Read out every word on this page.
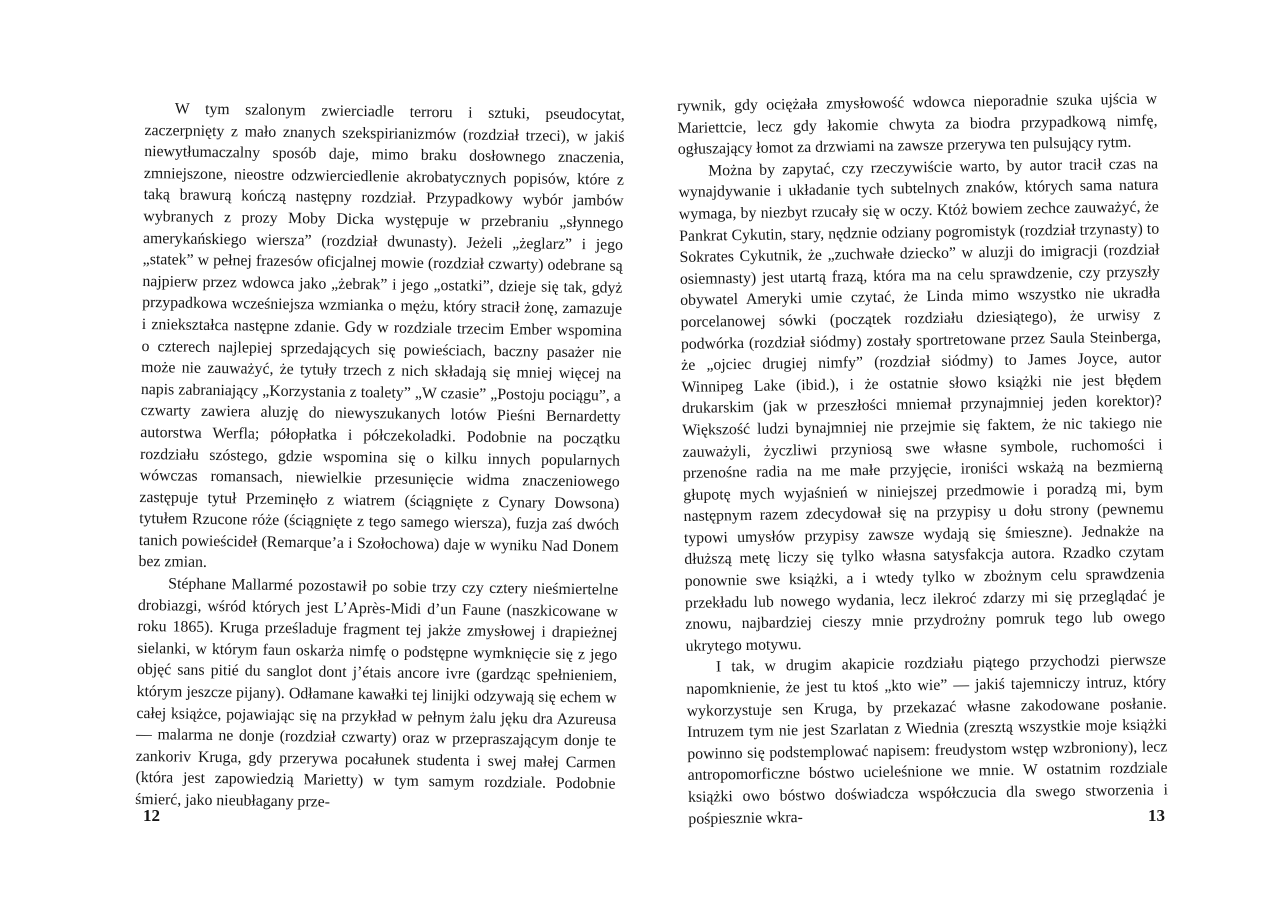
W tym szalonym zwierciadle terroru i sztuki, pseudocytat, zaczerpnięty z mało znanych szekspirianizmów (rozdział trzeci), w jakiś niewytłumaczalny sposób daje, mimo braku dosłownego znaczenia, zmniejszone, nieostre odzwierciedlenie akrobatycznych popisów, które z taką brawurą kończą następny rozdział. Przypadkowy wybór jambów wybranych z prozy Moby Dicka występuje w przebraniu „słynnego amerykańskiego wiersza” (rozdział dwunasty). Jeżeli „żeglarz” i jego „statek” w pełnej frazesów oficjalnej mowie (rozdział czwarty) odebrane są najpierw przez wdowca jako „żebrak” i jego „ostatki”, dzieje się tak, gdyż przypadkowa wcześniejsza wzmianka o mężu, który stracił żonę, zamazuje i zniekształca następne zdanie. Gdy w rozdziale trzecim Ember wspomina o czterech najlepiej sprzedających się powieściach, baczny pasażer nie może nie zauważyć, że tytuły trzech z nich składają się mniej więcej na napis zabraniający „Korzystania z toalety” „W czasie” „Postoju pociągu”, a czwarty zawiera aluzję do niewyszukanych lotów Pieśni Bernardetty autorstwa Werfla; półopłatka i półczekoladki. Podobnie na początku rozdziału szóstego, gdzie wspomina się o kilku innych popularnych wówczas romansach, niewielkie przesunięcie widma znaczeniowego zastępuje tytuł Przeminęło z wiatrem (ściągnięte z Cynary Dowsona) tytułem Rzucone róże (ściągnięte z tego samego wiersza), fuzja zaś dwóch tanich powieścideł (Remarque’a i Szołochowa) daje w wyniku Nad Donem bez zmian.

Stéphane Mallarmé pozostawił po sobie trzy czy cztery nieśmiertelne drobiazgi, wśród których jest L’Après-Midi d’un Faune (naszkicowane w roku 1865). Kruga prześladuje fragment tej jakże zmysłowej i drapieżnej sielanki, w którym faun oskarża nimfę o podstępne wymknięcie się z jego objęć sans pitié du sanglot dont j’étais ancore ivre (gardząc spełnieniem, którym jeszcze pijany). Odłamane kawałki tej linijki odzywają się echem w całej książce, pojawiając się na przykład w pełnym żalu jęku dra Azureusa — malarma ne donje (rozdział czwarty) oraz w przepraszającym donje te zankoriv Kruga, gdy przerywa pocałunek studenta i swej małej Carmen (która jest zapowiedzią Marietty) w tym samym rozdziale. Podobnie śmierć, jako nieubłagany prze-

12

rywnik, gdy ociężała zmysłowość wdowca nieporadnie szuka ujścia w Mariettcie, lecz gdy łakomie chwyta za biodra przypadkową nimfę, ogłuszający łomot za drzwiami na zawsze przerywa ten pulsujący rytm.

Można by zapytać, czy rzeczywiście warto, by autor tracił czas na wynajdywanie i układanie tych subtelnych znaków, których sama natura wymaga, by niezbyt rzucały się w oczy. Któż bowiem zechce zauważyć, że Pankrat Cykutin, stary, nędznie odziany pogromistyk (rozdział trzynasty) to Sokrates Cykutnik, że „zuchwałe dziecko” w aluzji do imigracji (rozdział osiemnasty) jest utartą frazą, która ma na celu sprawdzenie, czy przyszły obywatel Ameryki umie czytać, że Linda mimo wszystko nie ukradła porcelanowej sówki (początek rozdziału dziesiątego), że urwisy z podwórka (rozdział siódmy) zostały sportretowane przez Saula Steinberga, że „ojciec drugiej nimfy” (rozdział siódmy) to James Joyce, autor Winnipeg Lake (ibid.), i że ostatnie słowo książki nie jest błędem drukarskim (jak w przeszłości mniemał przynajmniej jeden korektor)? Większość ludzi bynajmniej nie przejmie się faktem, że nic takiego nie zauważyli, życzliwi przyniosą swe własne symbole, ruchomości i przenośne radia na me małe przyjęcie, ironiści wskażą na bezmierną głupotę mych wyjaśnień w niniejszej przedmowie i poradzą mi, bym następnym razem zdecydował się na przypisy u dołu strony (pewnemu typowi umysłów przypisy zawsze wydają się śmieszne). Jednakże na dłuższą metę liczy się tylko własna satysfakcja autora. Rzadko czytam ponownie swe książki, a i wtedy tylko w zbożnym celu sprawdzenia przekładu lub nowego wydania, lecz ilekroć zdarzy mi się przeglądać je znowu, najbardziej cieszy mnie przydrożny pomruk tego lub owego ukrytego motywu.

I tak, w drugim akapicie rozdziału piątego przychodzi pierwsze napomknienie, że jest tu ktoś „kto wie” — jakiś tajemniczy intruz, który wykorzystuje sen Kruga, by przekazać własne zakodowane posłanie. Intruzem tym nie jest Szarlatan z Wiednia (zresztą wszystkie moje książki powinno się podstemplować napisem: freudystom wstęp wzbroniony), lecz antropomorficzne bóstwo ucieleśnione we mnie. W ostatnim rozdziale książki owo bóstwo doświadcza współczucia dla swego stworzenia i pośpiesznie wkra-	13
